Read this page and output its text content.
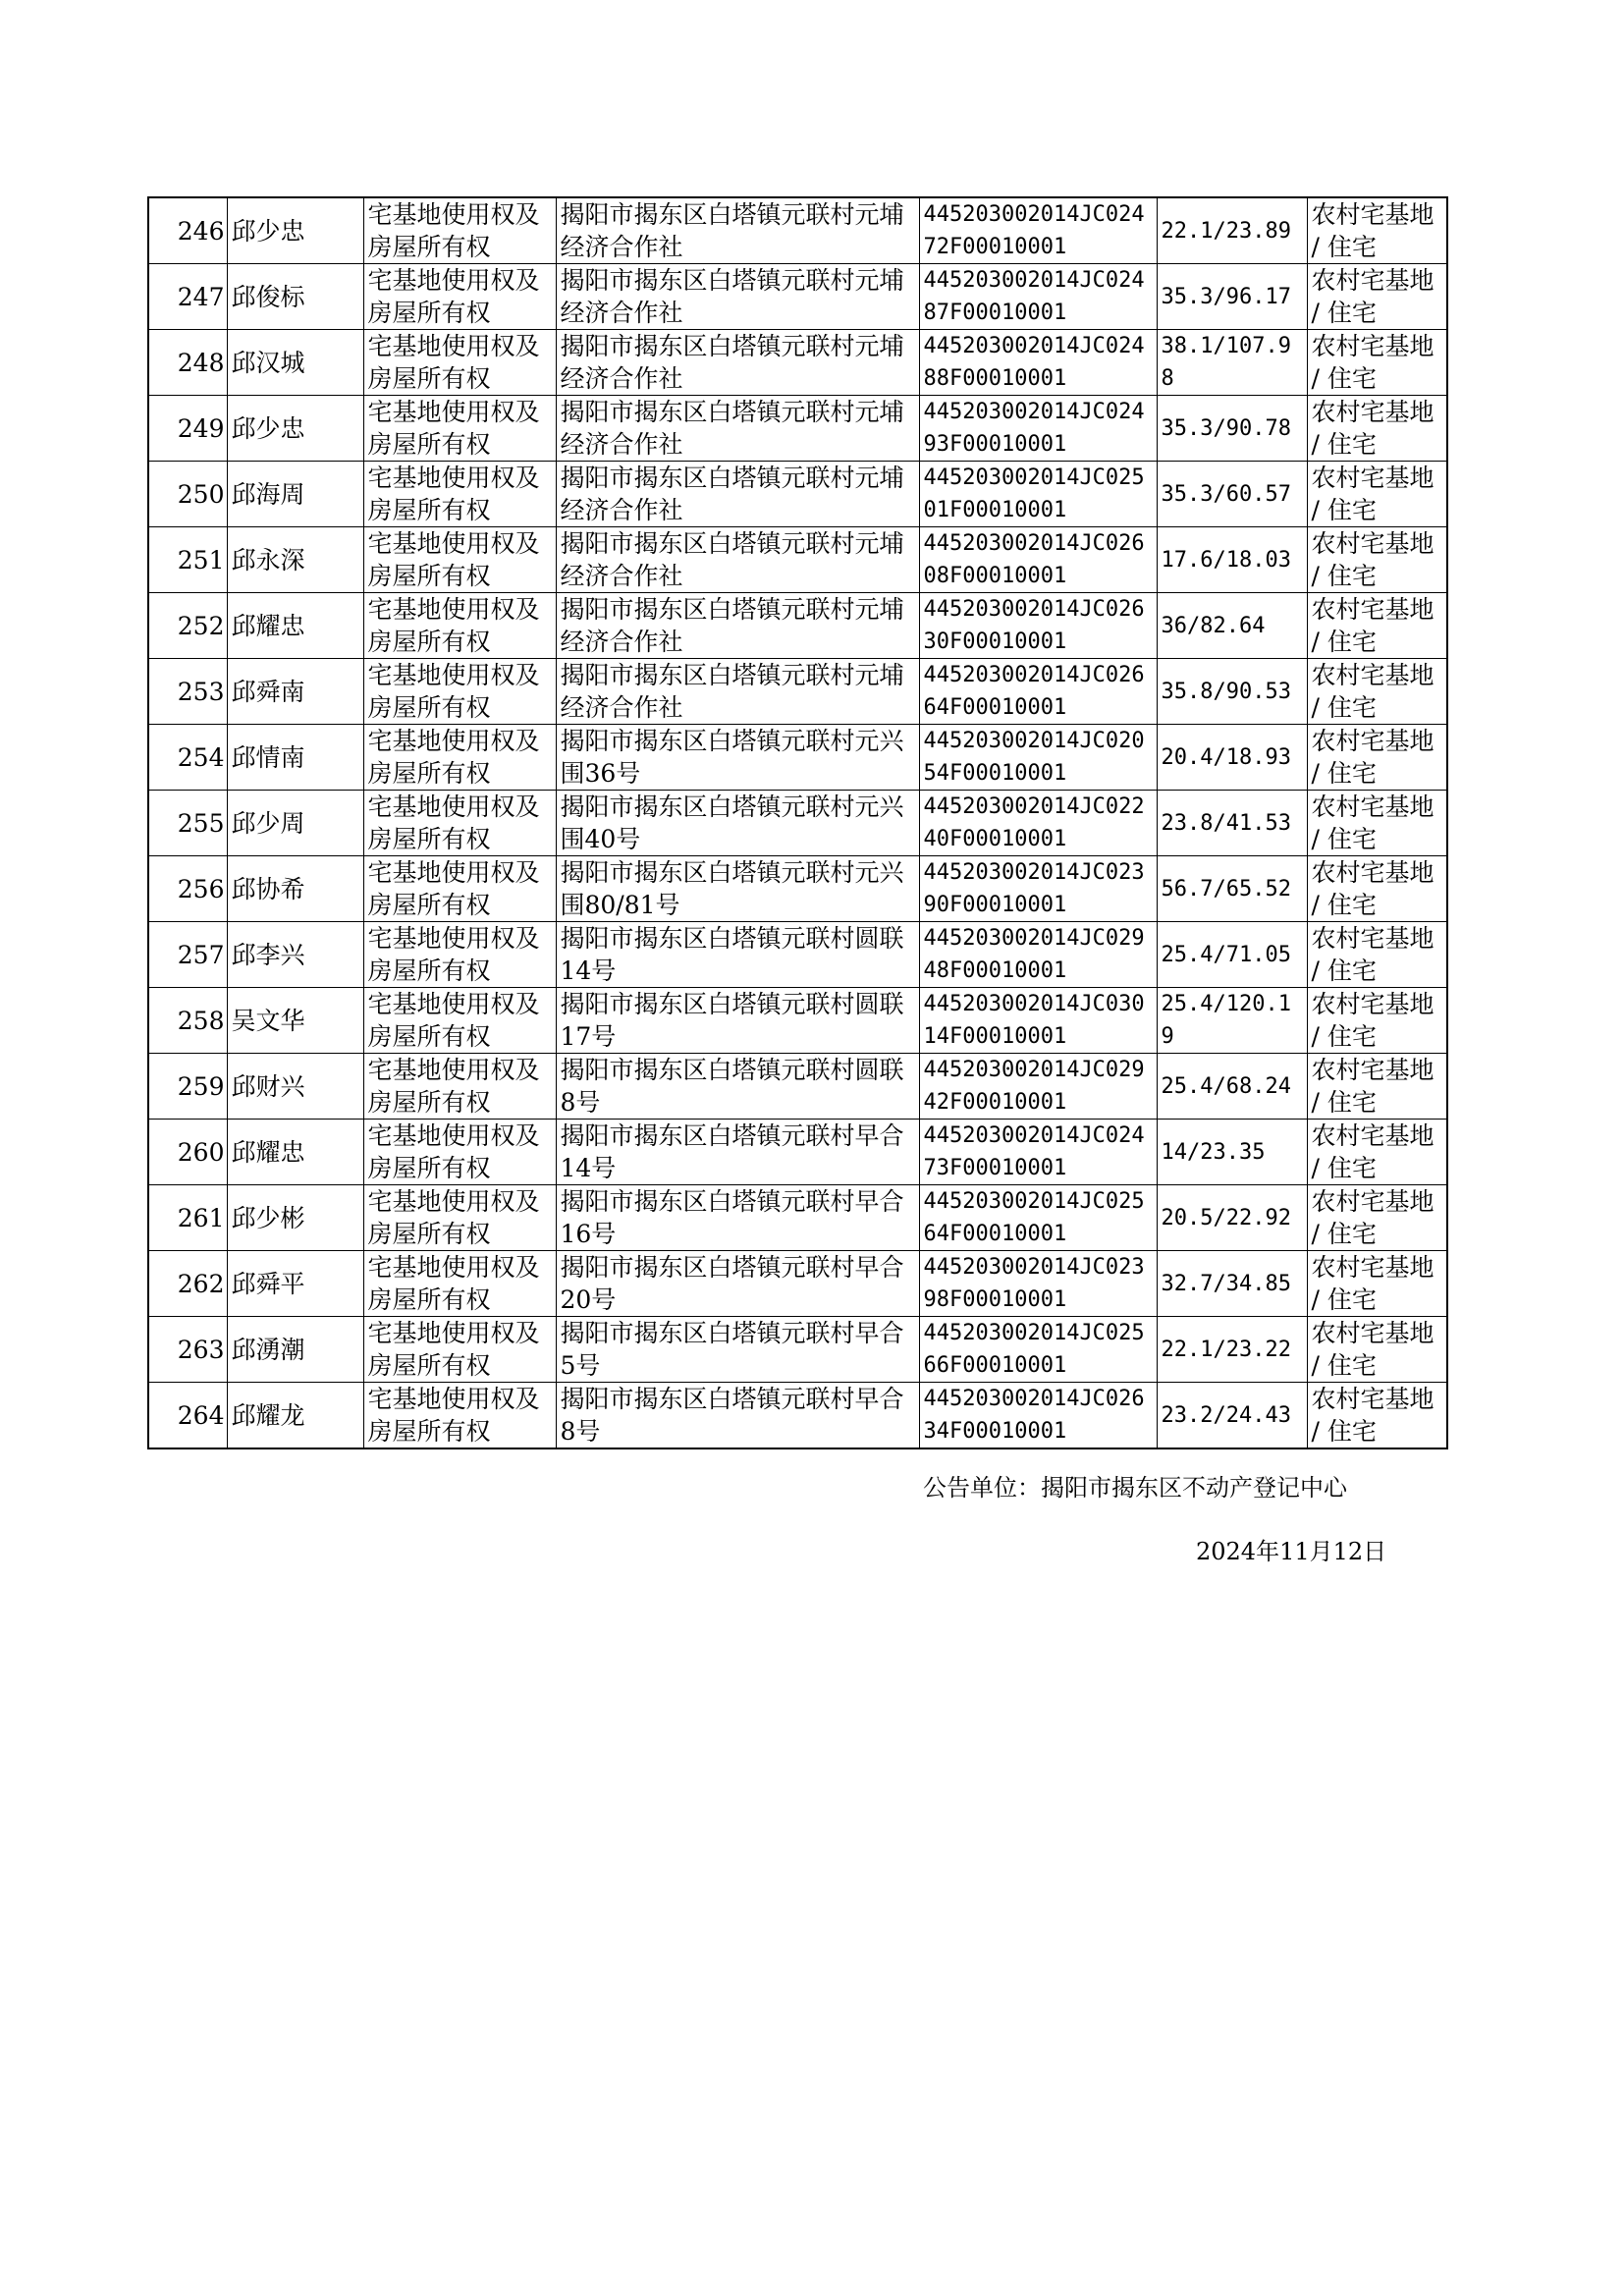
246	邱少忠	宅基地使用权及房屋所有权	揭阳市揭东区白塔镇元联村元埔经济合作社	445203002014JC02472F00010001	22.1/23.89	农村宅基地 / 住宅
247	邱俊标	宅基地使用权及房屋所有权	揭阳市揭东区白塔镇元联村元埔经济合作社	445203002014JC02487F00010001	35.3/96.17	农村宅基地 / 住宅
248	邱汉城	宅基地使用权及房屋所有权	揭阳市揭东区白塔镇元联村元埔经济合作社	445203002014JC02488F00010001	38.1/107.98	农村宅基地 / 住宅
249	邱少忠	宅基地使用权及房屋所有权	揭阳市揭东区白塔镇元联村元埔经济合作社	445203002014JC02493F00010001	35.3/90.78	农村宅基地 / 住宅
250	邱海周	宅基地使用权及房屋所有权	揭阳市揭东区白塔镇元联村元埔经济合作社	445203002014JC02501F00010001	35.3/60.57	农村宅基地 / 住宅
251	邱永深	宅基地使用权及房屋所有权	揭阳市揭东区白塔镇元联村元埔经济合作社	445203002014JC02608F00010001	17.6/18.03	农村宅基地 / 住宅
252	邱耀忠	宅基地使用权及房屋所有权	揭阳市揭东区白塔镇元联村元埔经济合作社	445203002014JC02630F00010001	36/82.64	农村宅基地 / 住宅
253	邱舜南	宅基地使用权及房屋所有权	揭阳市揭东区白塔镇元联村元埔经济合作社	445203002014JC02664F00010001	35.8/90.53	农村宅基地 / 住宅
254	邱情南	宅基地使用权及房屋所有权	揭阳市揭东区白塔镇元联村元兴围36号	445203002014JC02054F00010001	20.4/18.93	农村宅基地 / 住宅
255	邱少周	宅基地使用权及房屋所有权	揭阳市揭东区白塔镇元联村元兴围40号	445203002014JC02240F00010001	23.8/41.53	农村宅基地 / 住宅
256	邱协希	宅基地使用权及房屋所有权	揭阳市揭东区白塔镇元联村元兴围80/81号	445203002014JC02390F00010001	56.7/65.52	农村宅基地 / 住宅
257	邱李兴	宅基地使用权及房屋所有权	揭阳市揭东区白塔镇元联村圆联14号	445203002014JC02948F00010001	25.4/71.05	农村宅基地 / 住宅
258	吴文华	宅基地使用权及房屋所有权	揭阳市揭东区白塔镇元联村圆联17号	445203002014JC03014F00010001	25.4/120.19	农村宅基地 / 住宅
259	邱财兴	宅基地使用权及房屋所有权	揭阳市揭东区白塔镇元联村圆联8号	445203002014JC02942F00010001	25.4/68.24	农村宅基地 / 住宅
260	邱耀忠	宅基地使用权及房屋所有权	揭阳市揭东区白塔镇元联村早合14号	445203002014JC02473F00010001	14/23.35	农村宅基地 / 住宅
261	邱少彬	宅基地使用权及房屋所有权	揭阳市揭东区白塔镇元联村早合16号	445203002014JC02564F00010001	20.5/22.92	农村宅基地 / 住宅
262	邱舜平	宅基地使用权及房屋所有权	揭阳市揭东区白塔镇元联村早合20号	445203002014JC02398F00010001	32.7/34.85	农村宅基地 / 住宅
263	邱湧潮	宅基地使用权及房屋所有权	揭阳市揭东区白塔镇元联村早合5号	445203002014JC02566F00010001	22.1/23.22	农村宅基地 / 住宅
264	邱耀龙	宅基地使用权及房屋所有权	揭阳市揭东区白塔镇元联村早合8号	445203002014JC02634F00010001	23.2/24.43	农村宅基地 / 住宅
公告单位：揭阳市揭东区不动产登记中心
2024年11月12日
